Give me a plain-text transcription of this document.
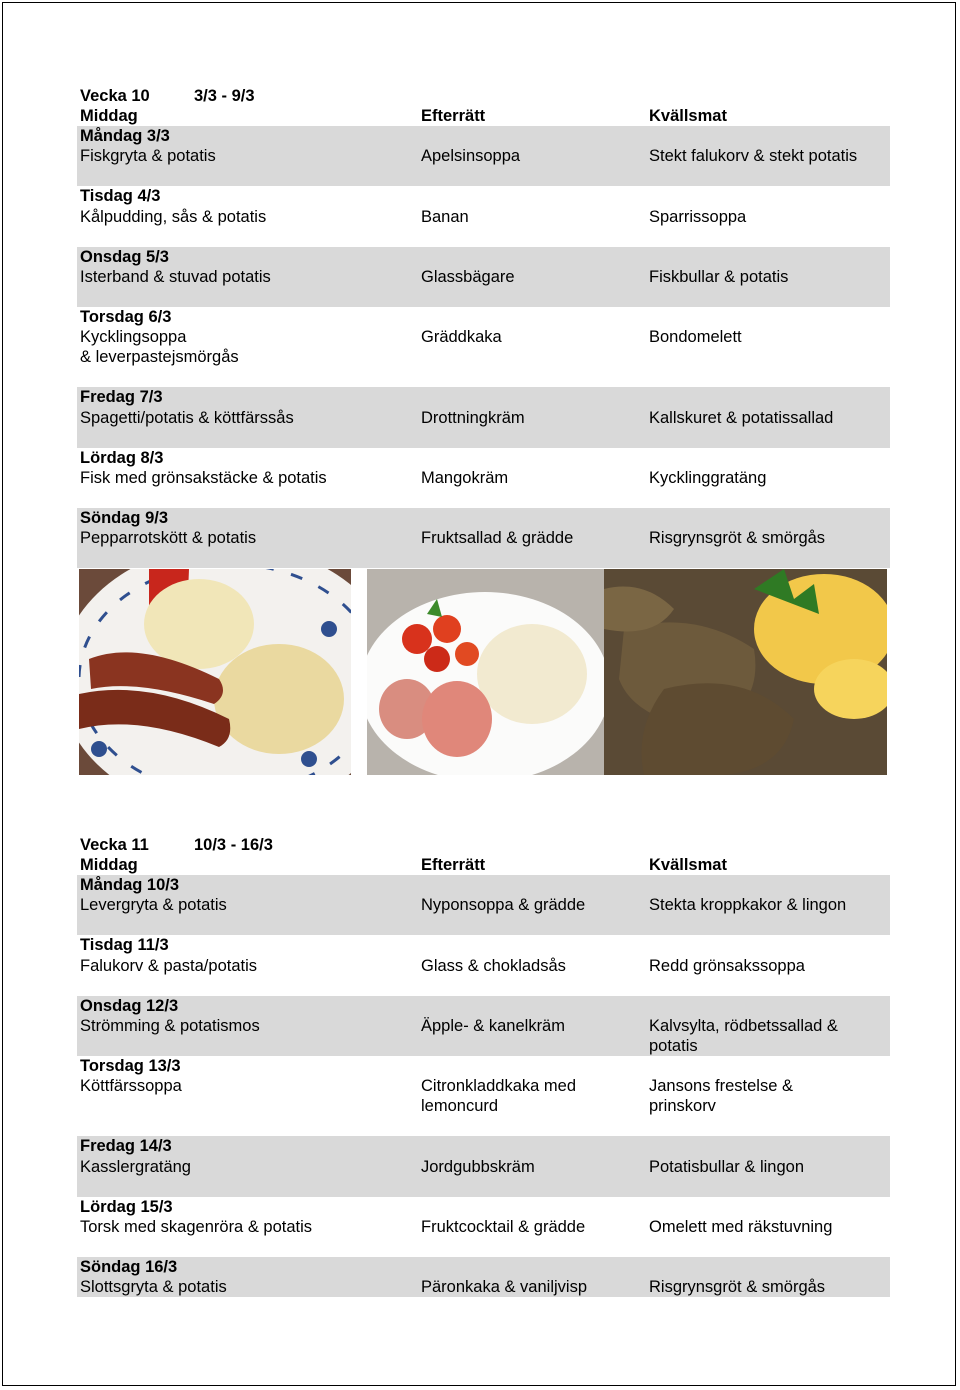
Vecka 10	3/3 - 9/3
Middag	Efterrätt	Kvällsmat
Måndag 3/3
Fiskgryta & potatis	Apelsinsoppa	Stekt falukorv & stekt potatis
Tisdag 4/3
Kålpudding, sås & potatis	Banan	Sparrissoppa
Onsdag 5/3
Isterband & stuvad potatis	Glassbägare	Fiskbullar & potatis
Torsdag 6/3
Kycklingsoppa	Gräddkaka	Bondomelett
& leverpastejsmörgås
Fredag 7/3
Spagetti/potatis & köttfärssås	Drottningkräm	Kallskuret & potatissallad
Lördag 8/3
Fisk med grönsakstäcke & potatis	Mangokräm	Kycklinggratäng
Söndag 9/3
Pepparrotskött & potatis	Fruktsallad & grädde	Risgrynsgröt & smörgås
Vecka 11	10/3 - 16/3
Middag	Efterrätt	Kvällsmat
Måndag 10/3
Levergryta & potatis	Nyponsoppa & grädde	Stekta kroppkakor & lingon
Tisdag 11/3
Falukorv & pasta/potatis	Glass & chokladsås	Redd grönsakssoppa
Onsdag 12/3
Strömming & potatismos	Äpple- & kanelkräm	Kalvsylta, rödbetssallad &
potatis
Torsdag 13/3
Köttfärssoppa	Citronkladdkaka med	Jansons frestelse &
lemoncurd	prinskorv
Fredag 14/3
Kasslergratäng	Jordgubbskräm	Potatisbullar & lingon
Lördag 15/3
Torsk med skagenröra & potatis	Fruktcocktail & grädde	Omelett med räkstuvning
Söndag 16/3
Slottsgryta & potatis	Päronkaka & vaniljvisp	Risgrynsgröt & smörgås
